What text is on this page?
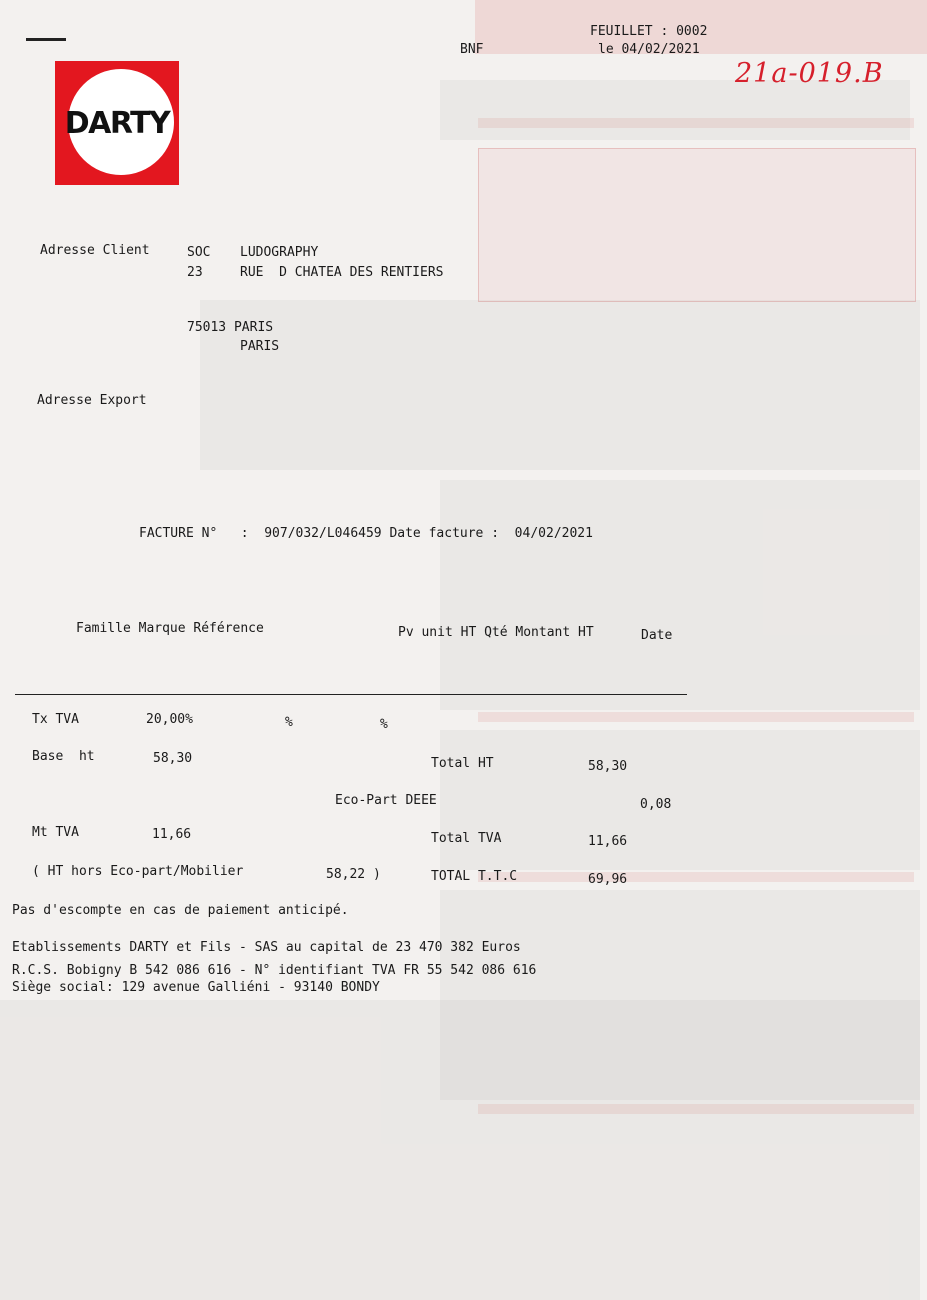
DARTY
FEUILLET : 0002
BNF	le 04/02/2021
21a-019.B
Adresse Client	SOC LUDOGRAPHY
23	RUE  D CHATEA DES RENTIERS
75013 PARIS
PARIS
Adresse Export
FACTURE N°   :  907/032/L046459 Date facture :  04/02/2021
Famille Marque Référence	Pv unit HT Qté Montant HT	Date
Tx TVA	20,00%	%	%
Base  ht	58,30	Total HT	58,30
Eco-Part DEEE	0,08
Mt TVA	11,66	Total TVA	11,66
( HT hors Eco-part/Mobilier	58,22 )	TOTAL T.T.C	69,96
Pas d'escompte en cas de paiement anticipé.
Etablissements DARTY et Fils - SAS au capital de 23 470 382 Euros
R.C.S. Bobigny B 542 086 616 - N° identifiant TVA FR 55 542 086 616
Siège social: 129 avenue Galliéni - 93140 BONDY
